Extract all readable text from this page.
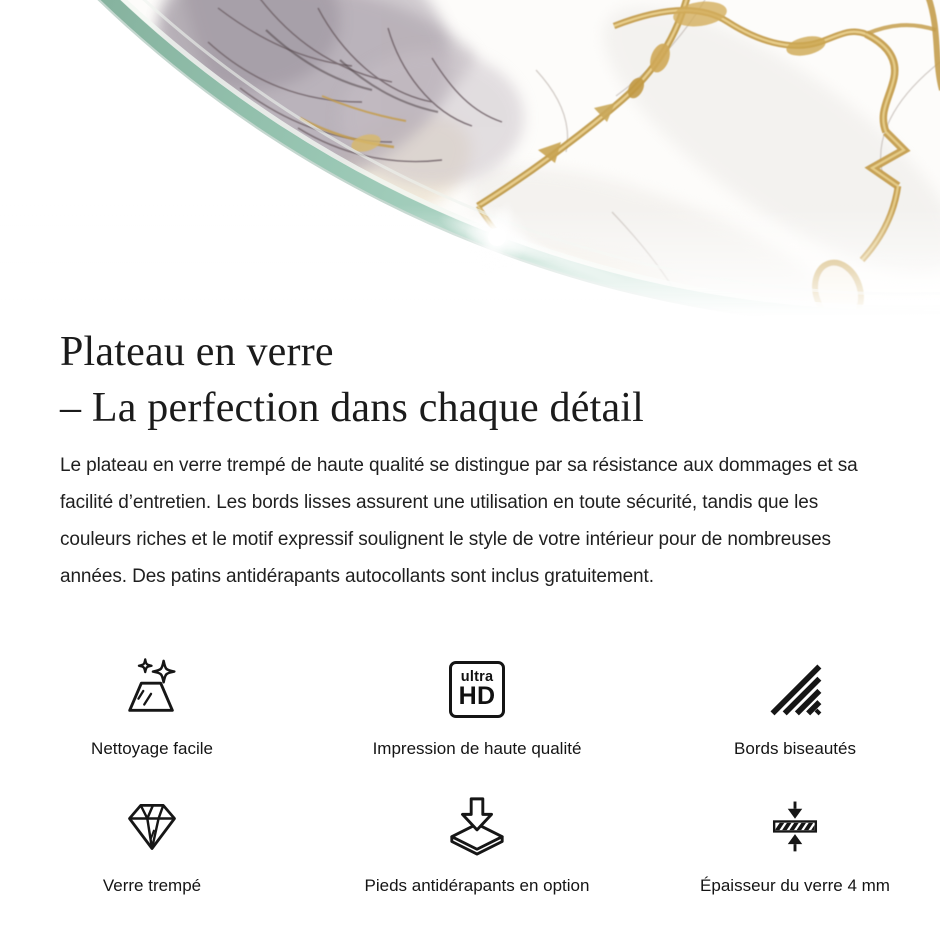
Plateau en verre
– La perfection dans chaque détail

Le plateau en verre trempé de haute qualité se distingue par sa résistance aux dommages et sa facilité d’entretien. Les bords lisses assurent une utilisation en toute sécurité, tandis que les couleurs riches et le motif expressif soulignent le style de votre intérieur pour de nombreuses années. Des patins antidérapants autocollants sont inclus gratuitement.

Nettoyage facile
ultra
HD
Impression de haute qualité	Bords biseautés
Verre trempé	Pieds antidérapants en option	Épaisseur du verre 4 mm
